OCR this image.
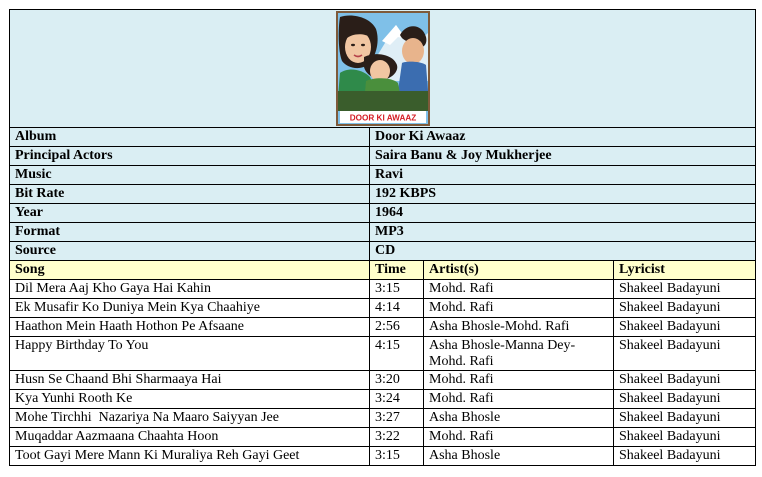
DOOR KI AWAAZ			

Album	Door Ki Awaaz		
Principal Actors	Saira Banu & Joy Mukherjee		
Music	Ravi		
Bit Rate	192 KBPS		
Year	1964		
Format	MP3		
Source	CD		
Song	Time	Artist(s)	Lyricist
Dil Mera Aaj Kho Gaya Hai Kahin	3:15	Mohd. Rafi	Shakeel Badayuni
Ek Musafir Ko Duniya Mein Kya Chaahiye	4:14	Mohd. Rafi	Shakeel Badayuni
Haathon Mein Haath Hothon Pe Afsaane	2:56	Asha Bhosle-Mohd. Rafi	Shakeel Badayuni
Happy Birthday To You	4:15	Asha Bhosle-Manna Dey-Mohd. Rafi	Shakeel Badayuni
Husn Se Chaand Bhi Sharmaaya Hai	3:20	Mohd. Rafi	Shakeel Badayuni
Kya Yunhi Rooth Ke	3:24	Mohd. Rafi	Shakeel Badayuni
Mohe Tirchhi  Nazariya Na Maaro Saiyyan Jee	3:27	Asha Bhosle	Shakeel Badayuni
Muqaddar Aazmaana Chaahta Hoon	3:22	Mohd. Rafi	Shakeel Badayuni
Toot Gayi Mere Mann Ki Muraliya Reh Gayi Geet	3:15	Asha Bhosle	Shakeel Badayuni
